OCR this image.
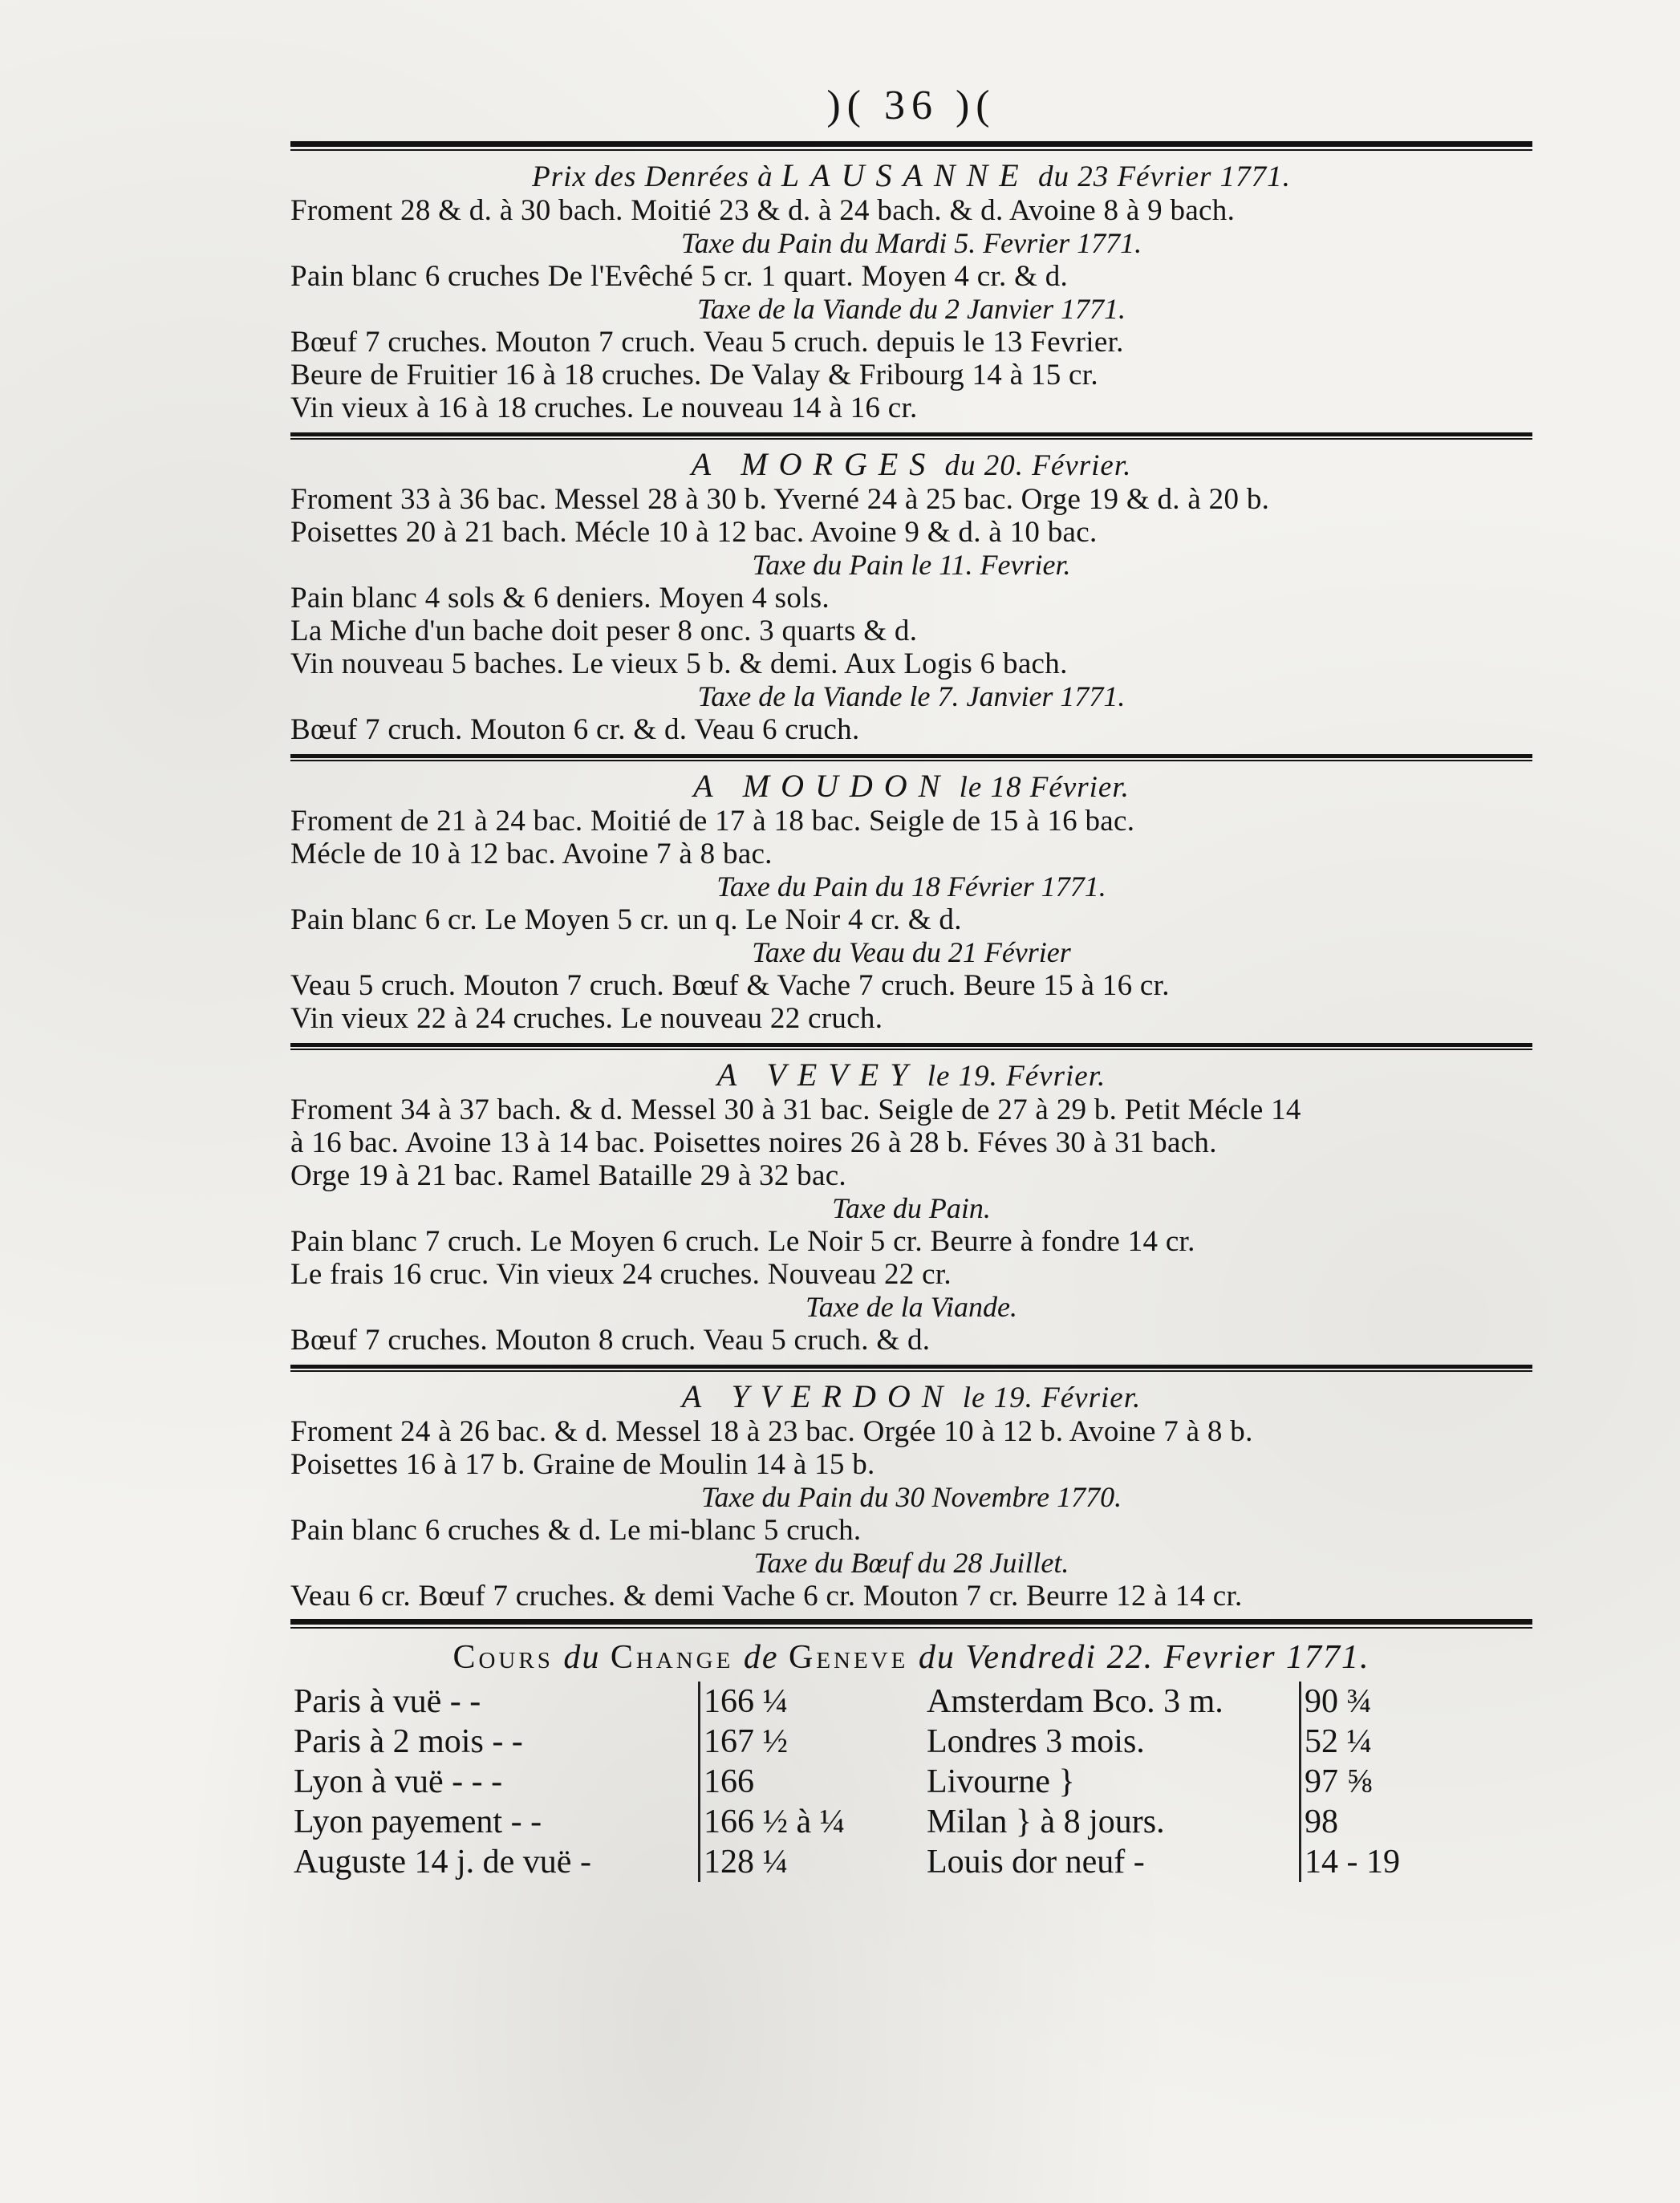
)( 36 )(
Prix des Denrées à LAUSANNE du 23 Février 1771.
Froment 28 & d. à 30 bach. Moitié 23 & d. à 24 bach. & d. Avoine 8 à 9 bach.
Taxe du Pain du Mardi 5. Fevrier 1771.
Pain blanc 6 cruches De l'Evêché 5 cr. 1 quart. Moyen 4 cr. & d.
Taxe de la Viande du 2 Janvier 1771.
Bœuf 7 cruches. Mouton 7 cruch. Veau 5 cruch. depuis le 13 Fevrier.
Beure de Fruitier 16 à 18 cruches. De Valay & Fribourg 14 à 15 cr.
Vin vieux à 16 à 18 cruches. Le nouveau 14 à 16 cr.
A MORGES du 20. Février.
Froment 33 à 36 bac. Messel 28 à 30 b. Yverné 24 à 25 bac. Orge 19 & d. à 20 b.
Poisettes 20 à 21 bach. Mécle 10 à 12 bac. Avoine 9 & d. à 10 bac.
Taxe du Pain le 11. Fevrier.
Pain blanc 4 sols & 6 deniers. Moyen 4 sols.
La Miche d'un bache doit peser 8 onc. 3 quarts & d.
Vin nouveau 5 baches. Le vieux 5 b. & demi. Aux Logis 6 bach.
Taxe de la Viande le 7. Janvier 1771.
Bœuf 7 cruch. Mouton 6 cr. & d. Veau 6 cruch.
A MOUDON le 18 Février.
Froment de 21 à 24 bac. Moitié de 17 à 18 bac. Seigle de 15 à 16 bac.
Mécle de 10 à 12 bac. Avoine 7 à 8 bac.
Taxe du Pain du 18 Février 1771.
Pain blanc 6 cr. Le Moyen 5 cr. un q. Le Noir 4 cr. & d.
Taxe du Veau du 21 Février
Veau 5 cruch. Mouton 7 cruch. Bœuf & Vache 7 cruch. Beure 15 à 16 cr.
Vin vieux 22 à 24 cruches. Le nouveau 22 cruch.
A VEVEY le 19. Février.
Froment 34 à 37 bach. & d. Messel 30 à 31 bac. Seigle de 27 à 29 b. Petit Mécle 14
à 16 bac. Avoine 13 à 14 bac. Poisettes noires 26 à 28 b. Féves 30 à 31 bach.
Orge 19 à 21 bac. Ramel Bataille 29 à 32 bac.
Taxe du Pain.
Pain blanc 7 cruch. Le Moyen 6 cruch. Le Noir 5 cr. Beurre à fondre 14 cr.
Le frais 16 cruc. Vin vieux 24 cruches. Nouveau 22 cr.
Taxe de la Viande.
Bœuf 7 cruches. Mouton 8 cruch. Veau 5 cruch. & d.
A YVERDON le 19. Février.
Froment 24 à 26 bac. & d. Messel 18 à 23 bac. Orgée 10 à 12 b. Avoine 7 à 8 b.
Poisettes 16 à 17 b. Graine de Moulin 14 à 15 b.
Taxe du Pain du 30 Novembre 1770.
Pain blanc 6 cruches & d. Le mi-blanc 5 cruch.
Taxe du Bœuf du 28 Juillet.
Veau 6 cr. Bœuf 7 cruches. & demi Vache 6 cr. Mouton 7 cr. Beurre 12 à 14 cr.
Cours du Change de Geneve du Vendredi 22. Fevrier 1771.
Paris à vuë - -	166 ¼	Amsterdam Bco. 3 m.	90 ¾
Paris à 2 mois - -	167 ½	Londres 3 mois.	52 ¼
Lyon à vuë - - -	166	Livourne }	97 ⅝
Lyon payement - -	166 ½ à ¼	Milan } à 8 jours.	98
Auguste 14 j. de vuë -	128 ¼	Louis dor neuf -	14 - 19
